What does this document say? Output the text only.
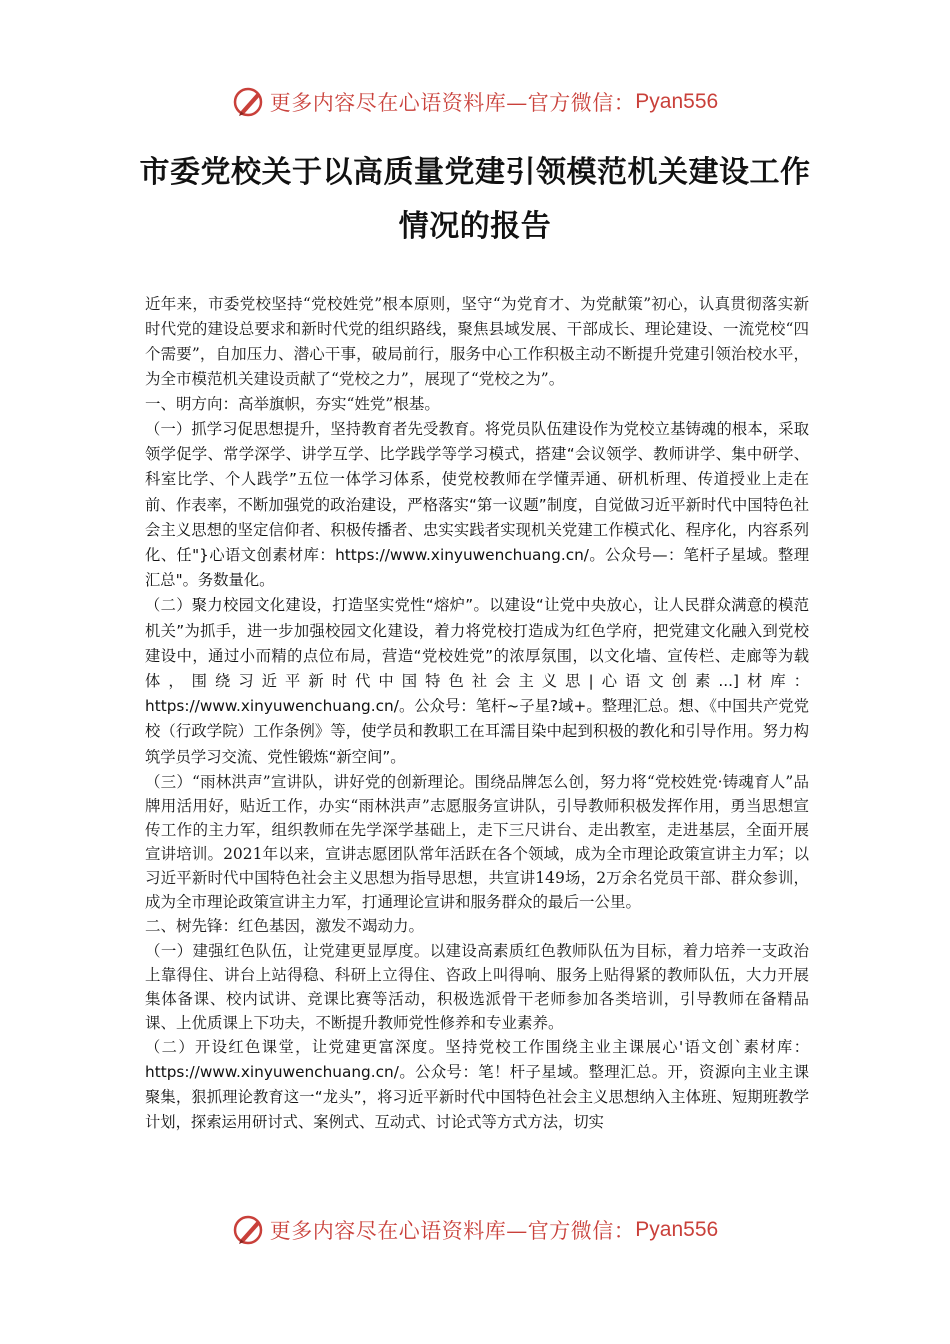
更多内容尽在心语资料库—官方微信： Pyan556
市委党校关于以高质量党建引领模范机关建设工作情况的报告

近年来，市委党校坚持“党校姓党”根本原则，坚守“为党育才、为党献策”初心，认真贯彻落实新时代党的建设总要求和新时代党的组织路线，聚焦县域发展、干部成长、理论建设、一流党校“四个需要”，自加压力、潜心干事，破局前行，服务中心工作积极主动不断提升党建引领治校水平，为全市模范机关建设贡献了“党校之力”，展现了“党校之为”。

一、明方向：高举旗帜，夯实“姓党”根基。

（一）抓学习促思想提升，坚持教育者先受教育。将党员队伍建设作为党校立基铸魂的根本，采取领学促学、常学深学、讲学互学、比学践学等学习模式，搭建“会议领学、教师讲学、集中研学、科室比学、个人践学”五位一体学习体系，使党校教师在学懂弄通、研机析理、传道授业上走在前、作表率，不断加强党的政治建设，严格落实“第一议题”制度，自觉做习近平新时代中国特色社会主义思想的坚定信仰者、积极传播者、忠实实践者实现机关党建工作模式化、程序化，内容系列化、任"}心语文创素材库：https://www.xinyuwenchuang.cn/。公众号—：笔杆子星域。整理汇总"。务数量化。

（二）聚力校园文化建设，打造坚实党性“熔炉”。以建设“让党中央放心，让人民群众满意的模范机关”为抓手，进一步加强校园文化建设，着力将党校打造成为红色学府，把党建文化融入到党校建设中，通过小而精的点位布局，营造“党校姓党”的浓厚氛围，以文化墙、宣传栏、走廊等为载体，围绕习近平新时代中国特色社会主义思|心语文创素...]材库：https://www.xinyuwenchuang.cn/。公众号：笔杆~子星?域+。整理汇总。想、《中国共产党党校（行政学院）工作条例》等，使学员和教职工在耳濡目染中起到积极的教化和引导作用。努力构筑学员学习交流、党性锻炼“新空间”。

（三）“雨林洪声”宣讲队，讲好党的创新理论。围绕品牌怎么创，努力将“党校姓党·铸魂育人”品牌用活用好，贴近工作，办实“雨林洪声”志愿服务宣讲队，引导教师积极发挥作用，勇当思想宣传工作的主力军，组织教师在先学深学基础上，走下三尺讲台、走出教室，走进基层，全面开展宣讲培训。2021年以来，宣讲志愿团队常年活跃在各个领域，成为全市理论政策宣讲主力军；以习近平新时代中国特色社会主义思想为指导思想，共宣讲149场，2万余名党员干部、群众参训，成为全市理论政策宣讲主力军，打通理论宣讲和服务群众的最后一公里。

二、树先锋：红色基因，激发不竭动力。

（一）建强红色队伍，让党建更显厚度。以建设高素质红色教师队伍为目标，着力培养一支政治上靠得住、讲台上站得稳、科研上立得住、咨政上叫得响、服务上贴得紧的教师队伍，大力开展集体备课、校内试讲、竞课比赛等活动，积极选派骨干老师参加各类培训，引导教师在备精品课、上优质课上下功夫，不断提升教师党性修养和专业素养。

（二）开设红色课堂，让党建更富深度。坚持党校工作围绕主业主课展心'语文创`素材库：https://www.xinyuwenchuang.cn/。公众号：笔！杆子星域。整理汇总。开，资源向主业主课聚集，狠抓理论教育这一“龙头”，将习近平新时代中国特色社会主义思想纳入主体班、短期班教学计划，探索运用研讨式、案例式、互动式、讨论式等方式方法，切实

更多内容尽在心语资料库—官方微信： Pyan556
